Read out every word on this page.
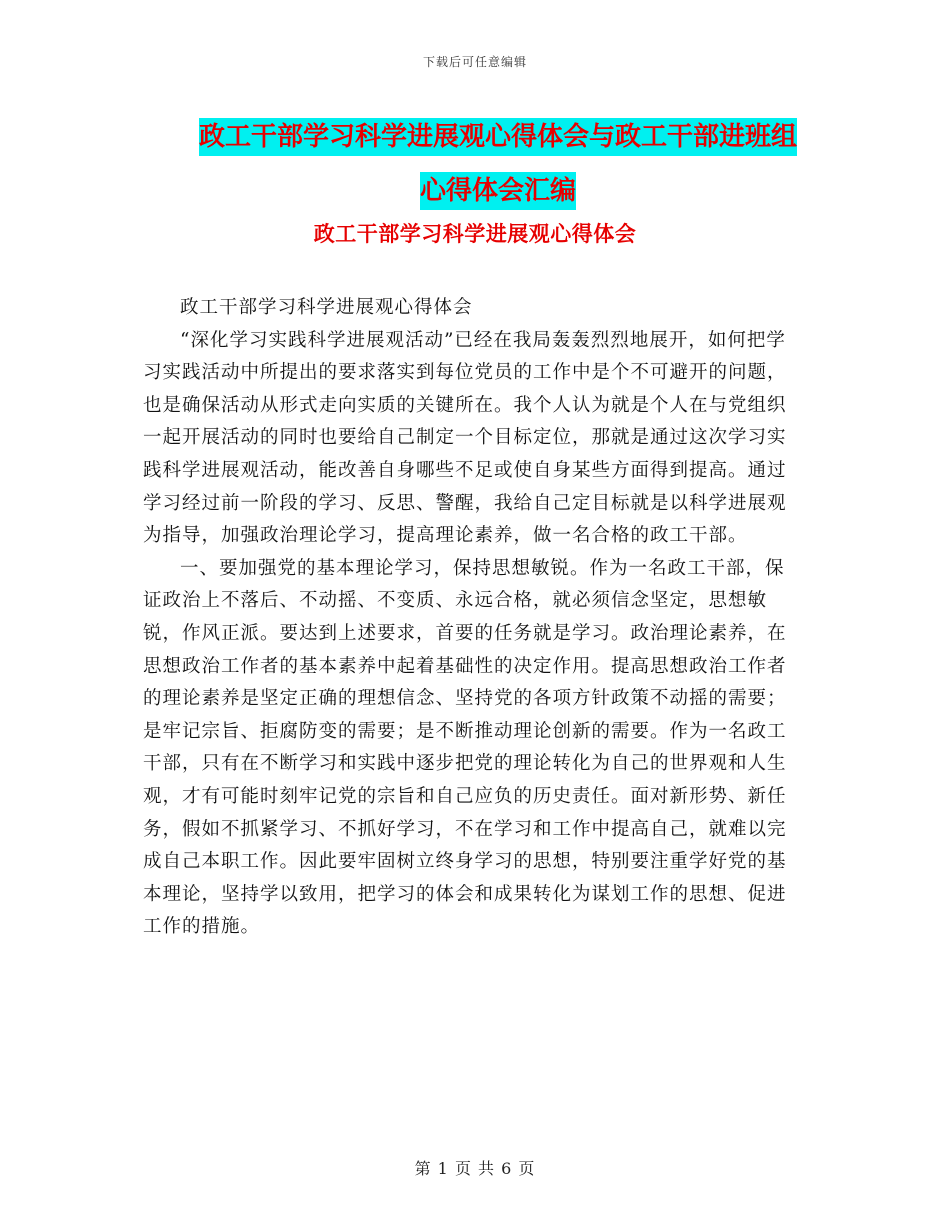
下载后可任意编辑
政工干部学习科学进展观心得体会与政工干部进班组
心得体会汇编
政工干部学习科学进展观心得体会

政工干部学习科学进展观心得体会

“深化学习实践科学进展观活动”已经在我局轰轰烈烈地展开，如何把学习实践活动中所提出的要求落实到每位党员的工作中是个不可避开的问题，也是确保活动从形式走向实质的关键所在。我个人认为就是个人在与党组织一起开展活动的同时也要给自己制定一个目标定位，那就是通过这次学习实践科学进展观活动，能改善自身哪些不足或使自身某些方面得到提高。通过学习经过前一阶段的学习、反思、警醒，我给自己定目标就是以科学进展观为指导，加强政治理论学习，提高理论素养，做一名合格的政工干部。

一、要加强党的基本理论学习，保持思想敏锐。作为一名政工干部，保证政治上不落后、不动摇、不变质、永远合格，就必须信念坚定，思想敏锐，作风正派。要达到上述要求，首要的任务就是学习。政治理论素养，在思想政治工作者的基本素养中起着基础性的决定作用。提高思想政治工作者的理论素养是坚定正确的理想信念、坚持党的各项方针政策不动摇的需要；是牢记宗旨、拒腐防变的需要；是不断推动理论创新的需要。作为一名政工干部，只有在不断学习和实践中逐步把党的理论转化为自己的世界观和人生观，才有可能时刻牢记党的宗旨和自己应负的历史责任。面对新形势、新任务，假如不抓紧学习、不抓好学习，不在学习和工作中提高自己，就难以完成自己本职工作。因此要牢固树立终身学习的思想，特别要注重学好党的基本理论，坚持学以致用，把学习的体会和成果转化为谋划工作的思想、促进工作的措施。

第 1 页 共 6 页
